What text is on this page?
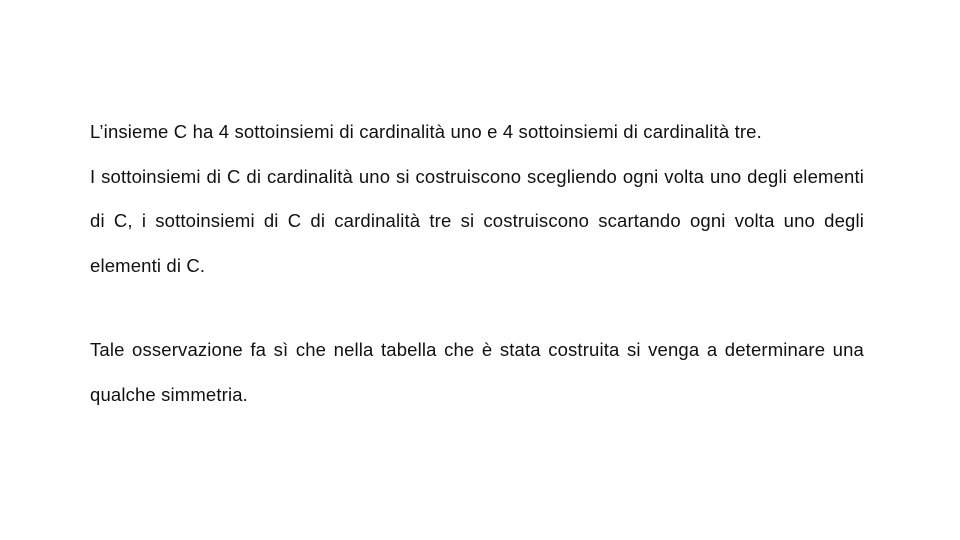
L’insieme C ha 4 sottoinsiemi di cardinalità uno e 4 sottoinsiemi di cardinalità tre.

I sottoinsiemi di C di cardinalità uno si costruiscono scegliendo ogni volta uno degli elementi di C, i sottoinsiemi di C di cardinalità tre si costruiscono scartando ogni volta uno degli elementi di C.

Tale osservazione fa sì che nella tabella che è stata costruita si venga a determinare una qualche simmetria.
